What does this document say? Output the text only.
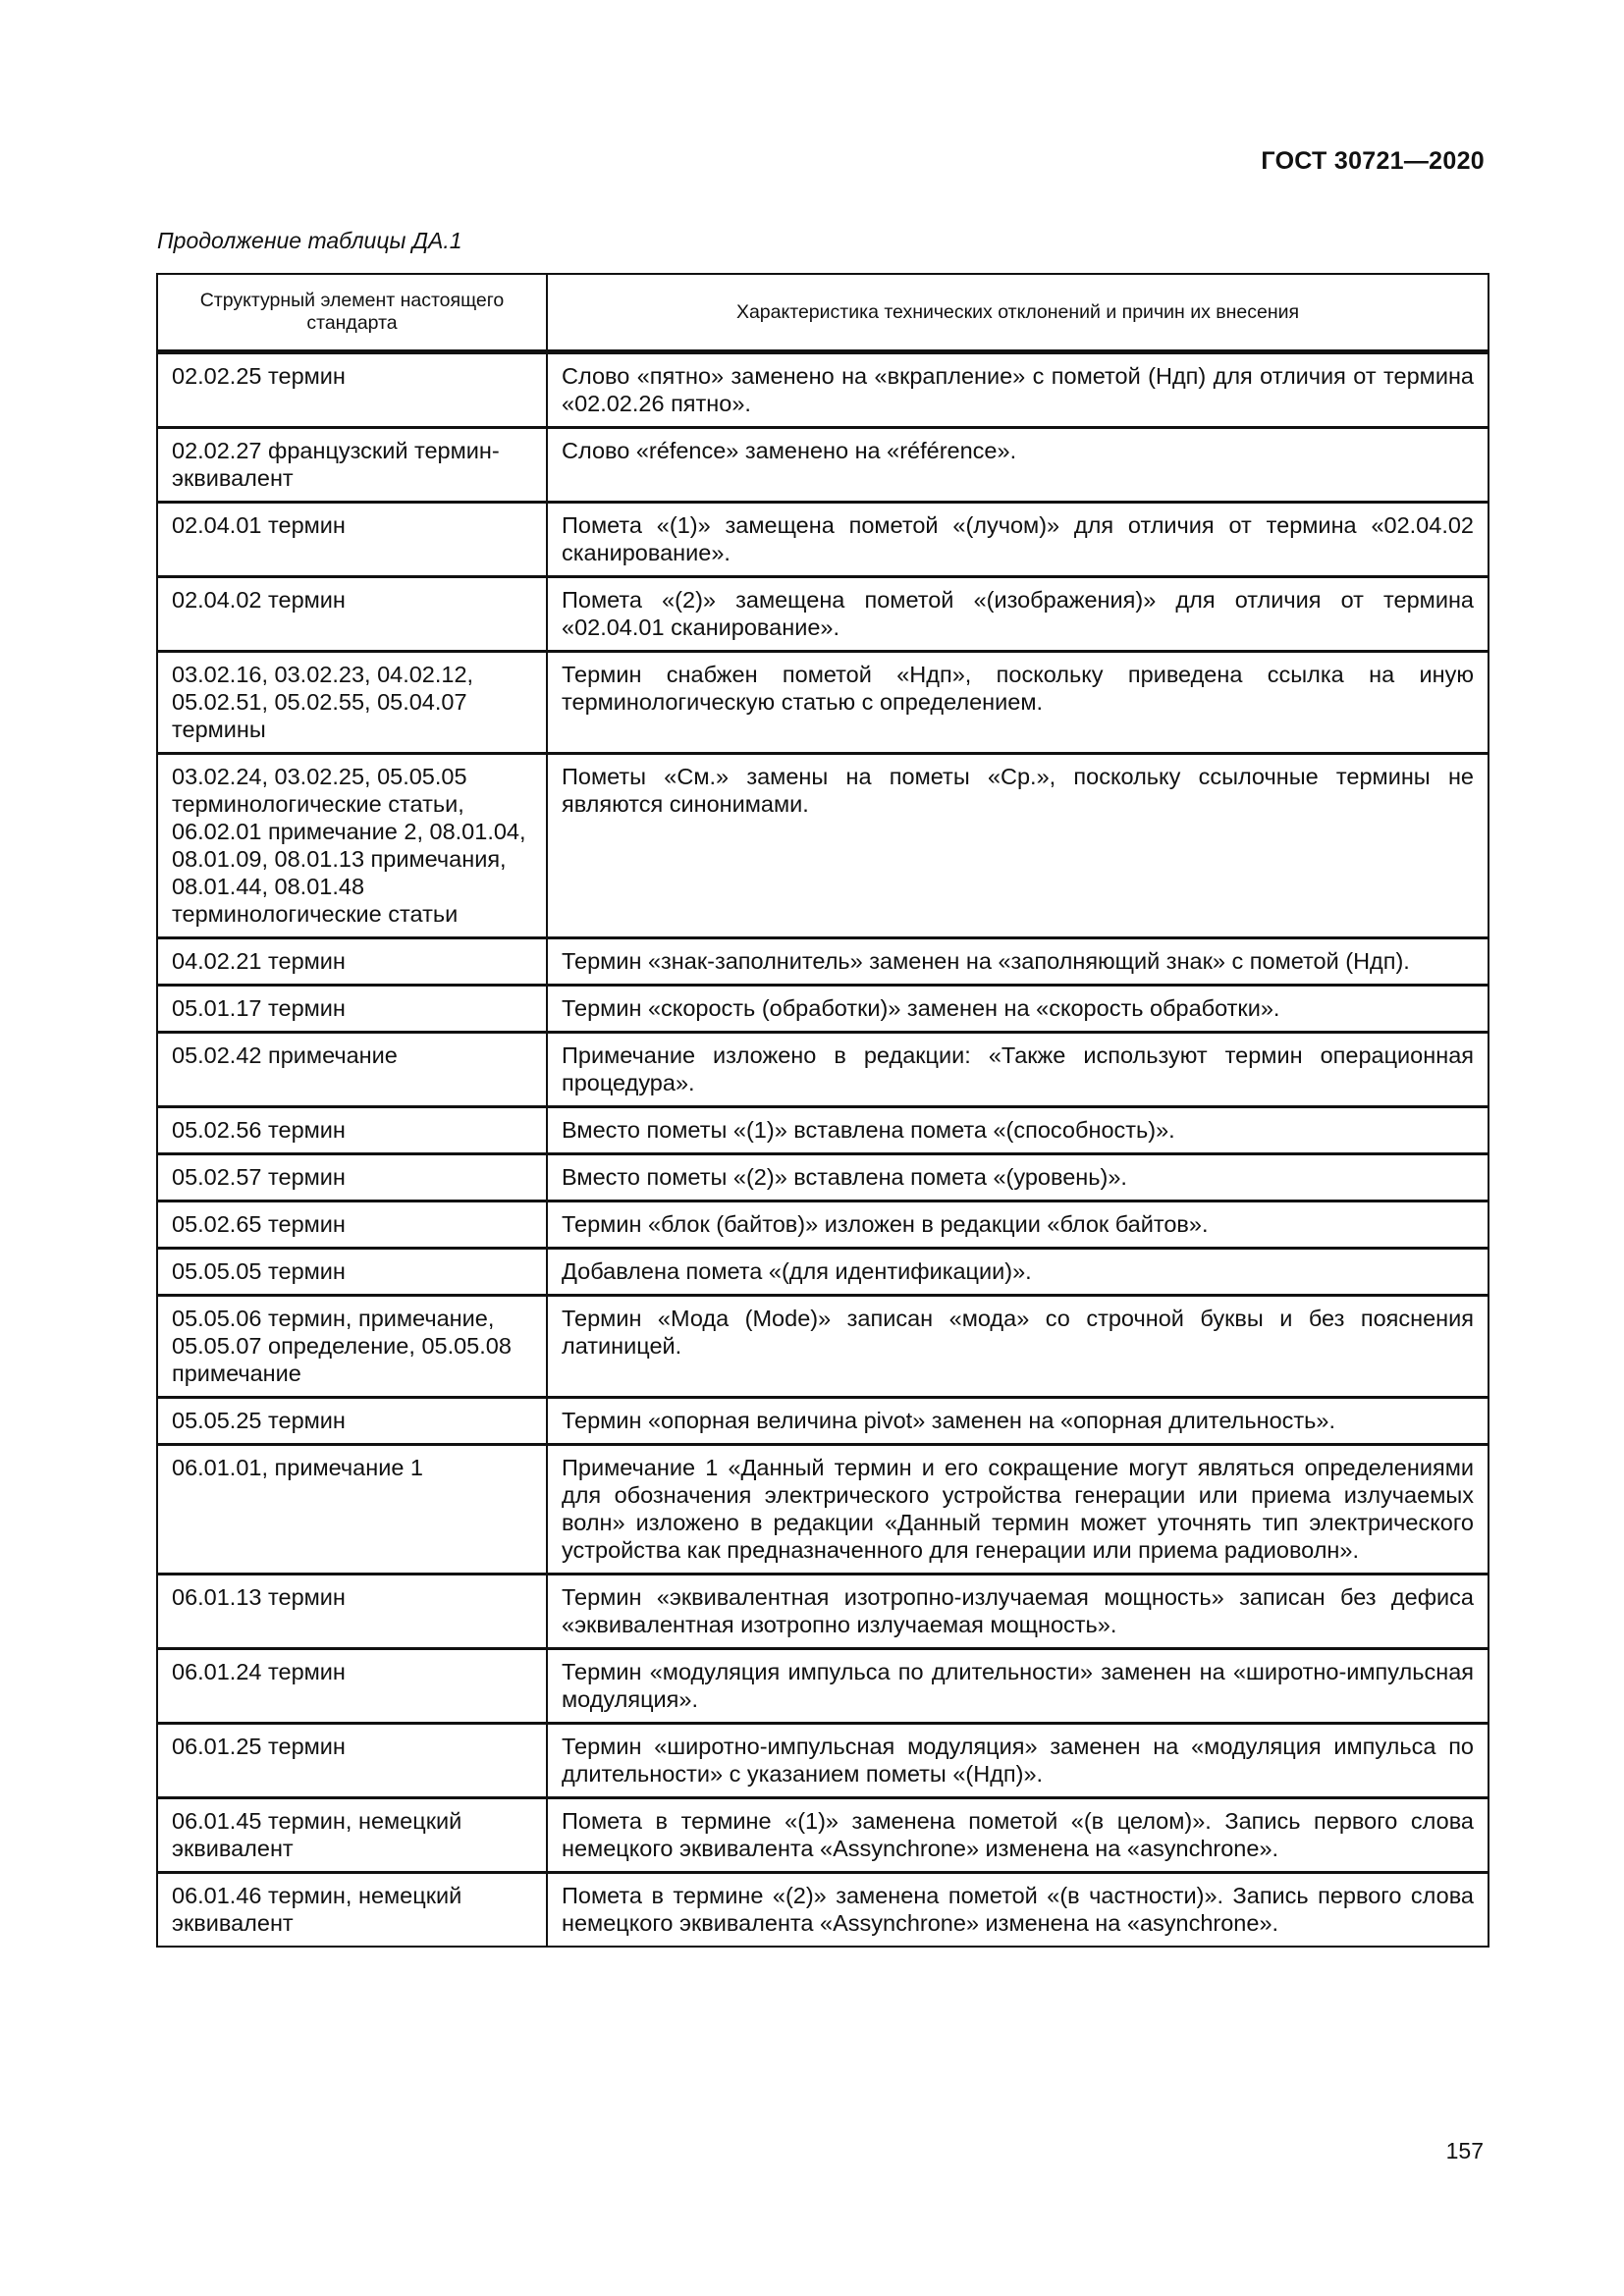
ГОСТ 30721—2020
Продолжение таблицы ДА.1
Структурный элемент настоящего стандарта	Характеристика технических отклонений и причин их внесения
02.02.25 термин	Слово «пятно» заменено на «вкрапление» с пометой (Ндп) для отличия от термина «02.02.26 пятно».
02.02.27 французский термин-эквивалент	Слово «réfence» заменено на «référence».
02.04.01 термин	Помета «(1)» замещена пометой «(лучом)» для отличия от термина «02.04.02 сканирование».
02.04.02 термин	Помета «(2)» замещена пометой «(изображения)» для отличия от термина «02.04.01 сканирование».
03.02.16, 03.02.23, 04.02.12, 05.02.51, 05.02.55, 05.04.07 термины	Термин снабжен пометой «Ндп», поскольку приведена ссылка на иную терминологическую статью с определением.
03.02.24, 03.02.25, 05.05.05 терминологические статьи, 06.02.01 примечание 2, 08.01.04, 08.01.09, 08.01.13 примечания, 08.01.44, 08.01.48 терминологические статьи	Пометы «См.» замены на пометы «Ср.», поскольку ссылочные термины не являются синонимами.
04.02.21 термин	Термин «знак-заполнитель» заменен на «заполняющий знак» с пометой (Ндп).
05.01.17 термин	Термин «скорость (обработки)» заменен на «скорость обработки».
05.02.42 примечание	Примечание изложено в редакции: «Также используют термин операционная процедура».
05.02.56 термин	Вместо пометы «(1)» вставлена помета «(способность)».
05.02.57 термин	Вместо пометы «(2)» вставлена помета «(уровень)».
05.02.65 термин	Термин «блок (байтов)» изложен в редакции «блок байтов».
05.05.05 термин	Добавлена помета «(для идентификации)».
05.05.06 термин, примечание, 05.05.07 определение, 05.05.08 примечание	Термин «Мода (Mode)» записан «мода» со строчной буквы и без пояснения латиницей.
05.05.25 термин	Термин «опорная величина pivot» заменен на «опорная длительность».
06.01.01, примечание 1	Примечание 1 «Данный термин и его сокращение могут являться определениями для обозначения электрического устройства генерации или приема излучаемых волн» изложено в редакции «Данный термин может уточнять тип электрического устройства как предназначенного для генерации или приема радиоволн».
06.01.13 термин	Термин «эквивалентная изотропно-излучаемая мощность» записан без дефиса «эквивалентная изотропно излучаемая мощность».
06.01.24 термин	Термин «модуляция импульса по длительности» заменен на «широтно-импульсная модуляция».
06.01.25 термин	Термин «широтно-импульсная модуляция» заменен на «модуляция импульса по длительности» с указанием пометы «(Ндп)».
06.01.45 термин, немецкий эквивалент	Помета в термине «(1)» заменена пометой «(в целом)». Запись первого слова немецкого эквивалента «Assynchrone» изменена на «asynchrone».
06.01.46 термин, немецкий эквивалент	Помета в термине «(2)» заменена пометой «(в частности)». Запись первого слова немецкого эквивалента «Assynchrone» изменена на «asynchrone».
157
